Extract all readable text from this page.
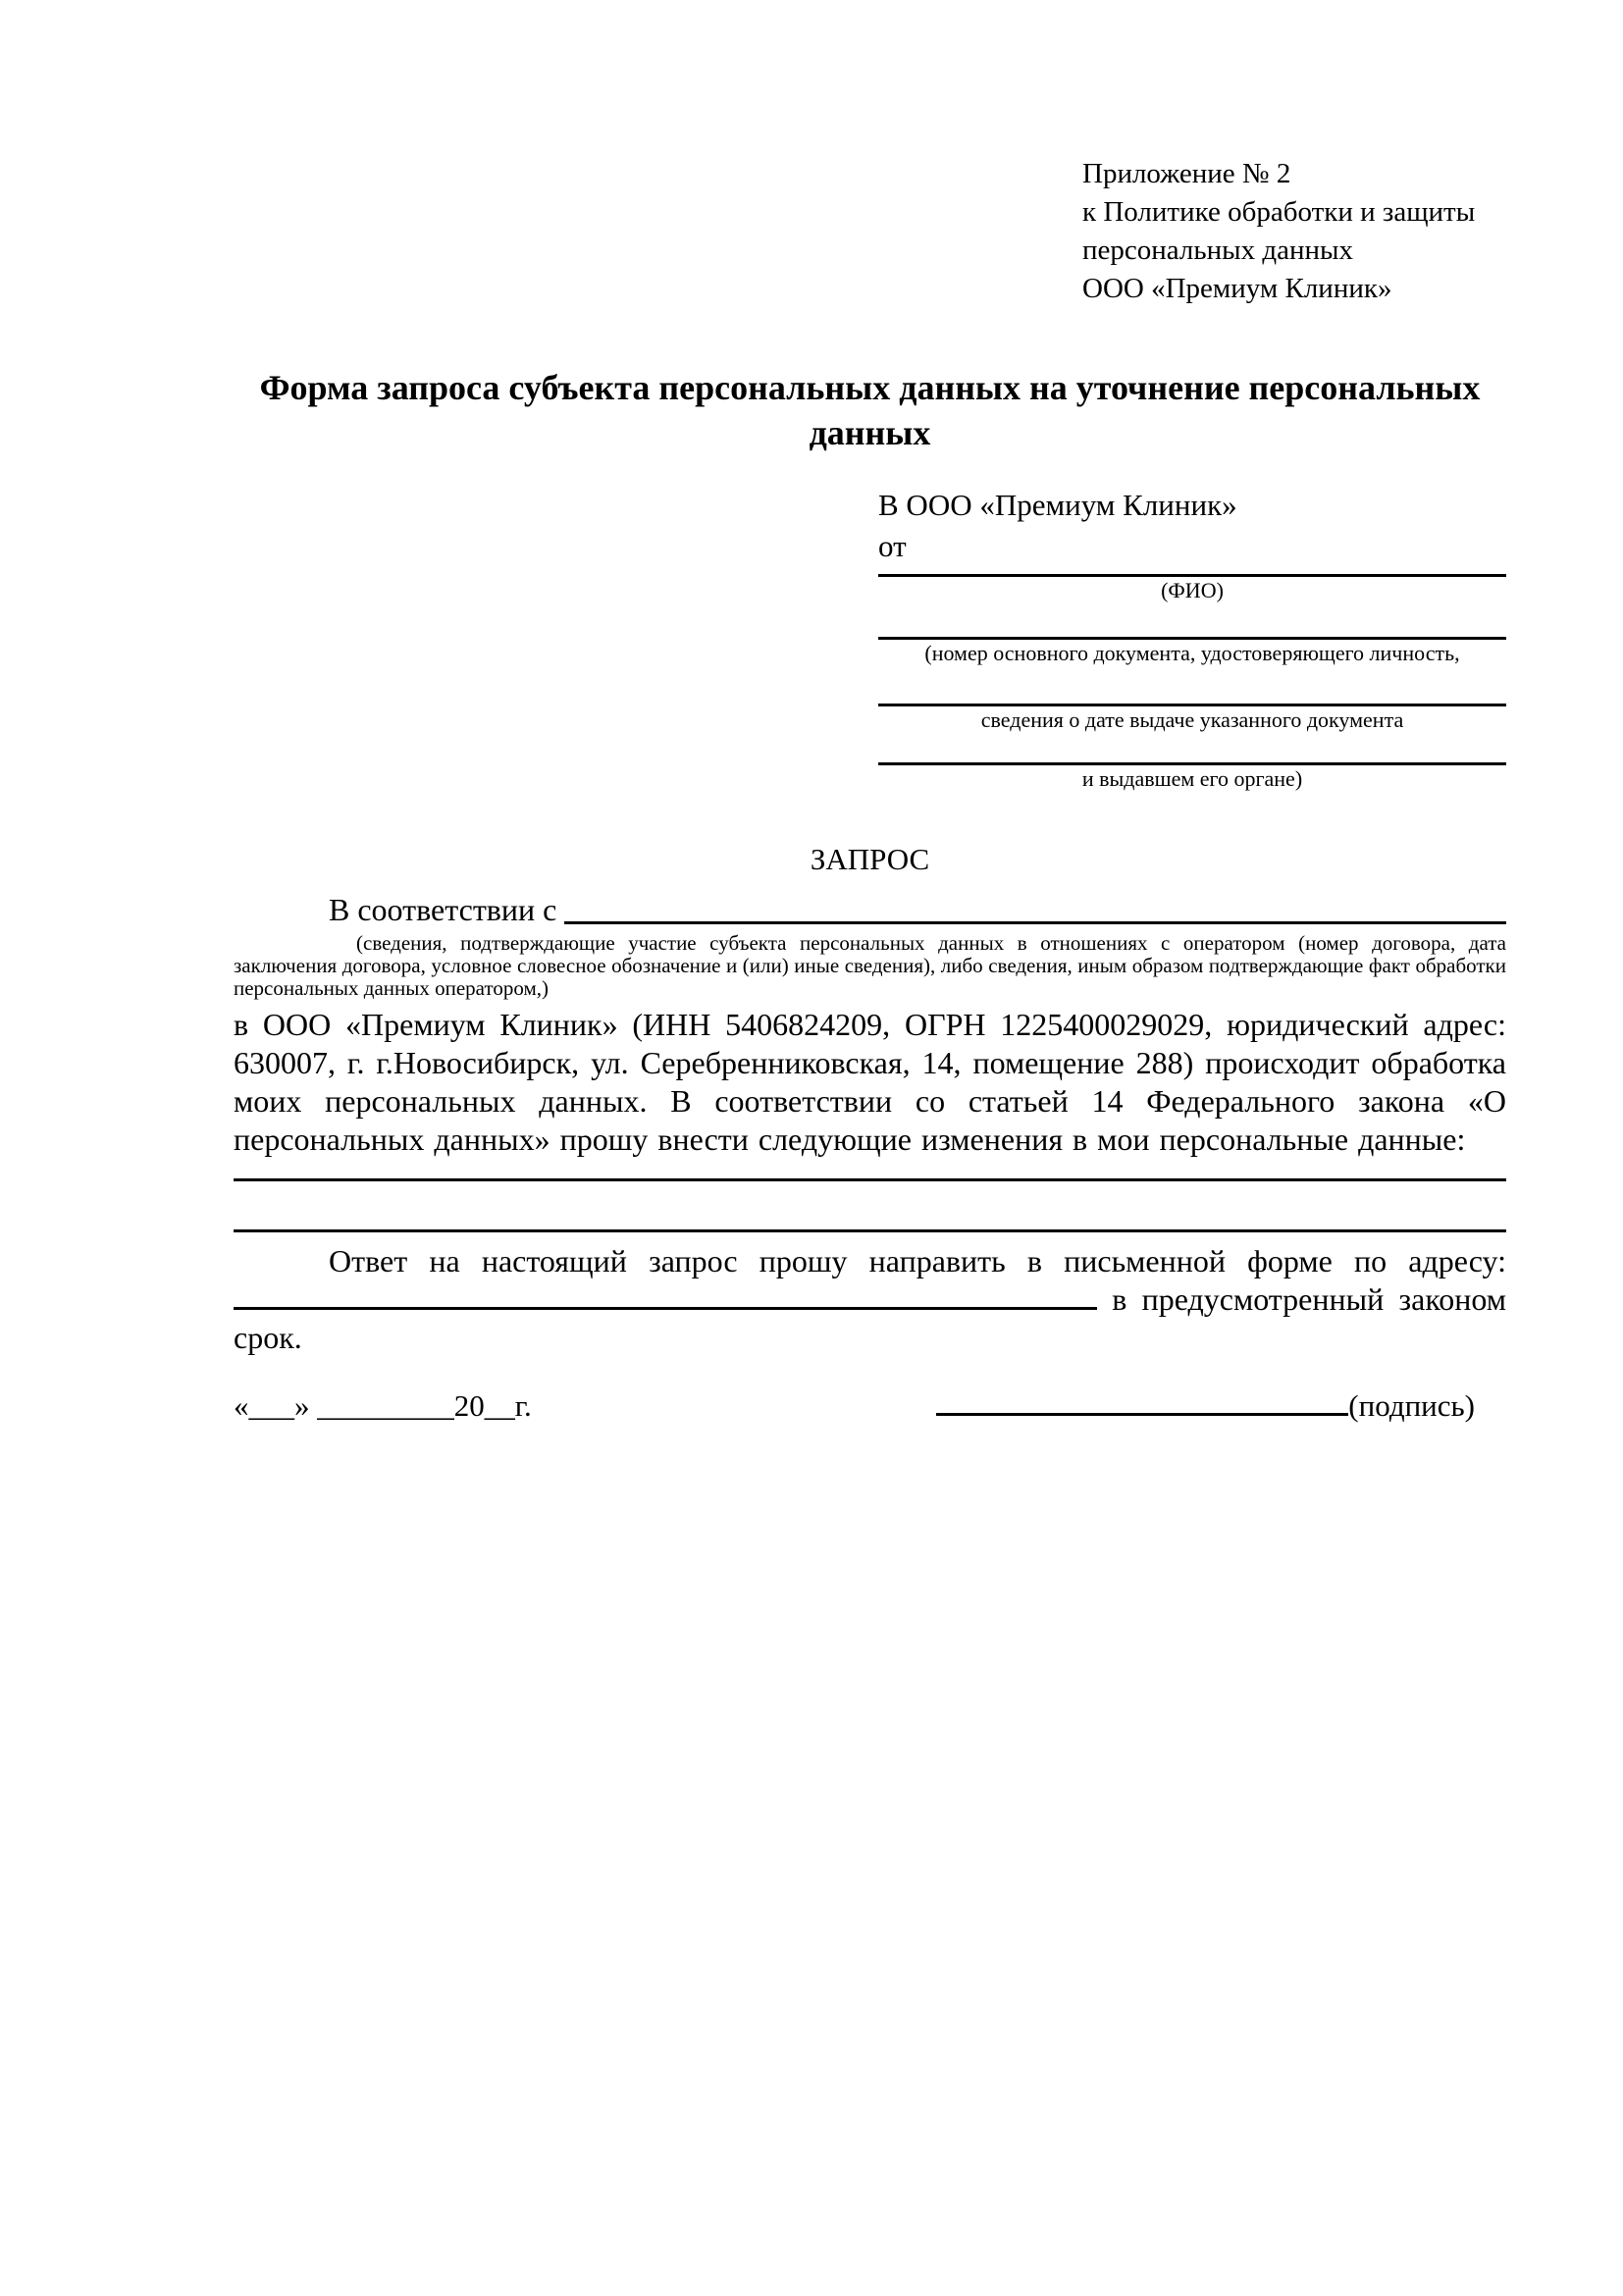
Приложение № 2
к Политике обработки и защиты
персональных данных
ООО «Премиум Клиник»
Форма запроса субъекта персональных данных на уточнение персональных данных
В ООО «Премиум Клиник»
от
(ФИО)
(номер основного документа, удостоверяющего личность,
сведения о дате выдаче указанного документа
и выдавшем его органе)
ЗАПРОС
В соответствии с

(сведения, подтверждающие участие субъекта персональных данных в отношениях с оператором (номер договора, дата заключения договора, условное словесное обозначение и (или) иные сведения), либо сведения, иным образом подтверждающие факт обработки персональных данных оператором,)

в ООО «Премиум Клиник» (ИНН 5406824209, ОГРН 1225400029029, юридический адрес: 630007, г. г.Новосибирск, ул. Серебренниковская, 14, помещение 288) происходит обработка моих персональных данных. В соответствии со статьей 14 Федерального закона «О персональных данных» прошу внести следующие изменения в мои персональные данные:

Ответ на настоящий запрос прошу направить в письменной форме по адресу:  в предусмотренный законом срок.

«___» _________20__г.	(подпись)
